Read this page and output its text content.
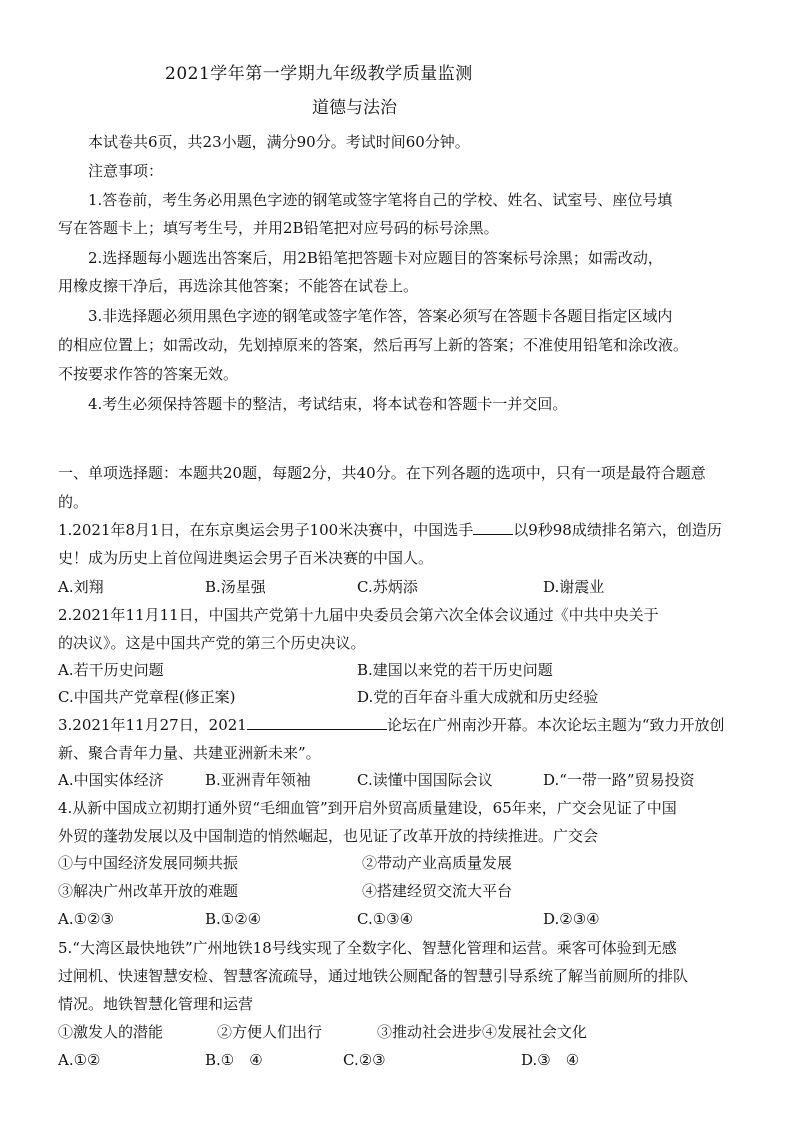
2021学年第一学期九年级教学质量监测
道德与法治
本试卷共6页，共23小题，满分90分。考试时间60分钟。
注意事项：
1.答卷前，考生务必用黑色字迹的钢笔或签字笔将自己的学校、姓名、试室号、座位号填
写在答题卡上；填写考生号，并用2B铅笔把对应号码的标号涂黑。
2.选择题每小题选出答案后，用2B铅笔把答题卡对应题目的答案标号涂黑；如需改动，
用橡皮擦干净后，再选涂其他答案；不能答在试卷上。
3.非选择题必须用黑色字迹的钢笔或签字笔作答，答案必须写在答题卡各题目指定区域内
的相应位置上；如需改动，先划掉原来的答案，然后再写上新的答案；不准使用铅笔和涂改液。
不按要求作答的答案无效。
4.考生必须保持答题卡的整洁，考试结束，将本试卷和答题卡一并交回。
一、单项选择题：本题共20题，每题2分，共40分。在下列各题的选项中，只有一项是最符合题意
的。
1.2021年8月1日，在东京奥运会男子100米决赛中，中国选手	以9秒98成绩排名第六，创造历
史！成为历史上首位闯进奥运会男子百米决赛的中国人。
A.刘翔	B.汤星强	C.苏炳添	D.谢震业
2.2021年11月11日，中国共产党第十九届中央委员会第六次全体会议通过《中共中央关于
的决议》。这是中国共产党的第三个历史决议。
A.若干历史问题	B.建国以来党的若干历史问题
C.中国共产党章程(修正案)	D.党的百年奋斗重大成就和历史经验
3.2021年11月27日，2021	论坛在广州南沙开幕。本次论坛主题为“致力开放创
新、聚合青年力量、共建亚洲新未来”。
A.中国实体经济	B.亚洲青年领袖	C.读懂中国国际会议	D.“一带一路”贸易投资
4.从新中国成立初期打通外贸“毛细血管”到开启外贸高质量建设，65年来，广交会见证了中国
外贸的蓬勃发展以及中国制造的悄然崛起，也见证了改革开放的持续推进。广交会
①与中国经济发展同频共振	②带动产业高质量发展
③解决广州改革开放的难题	④搭建经贸交流大平台
A.①②③	B.①②④	C.①③④	D.②③④
5.“大湾区最快地铁”广州地铁18号线实现了全数字化、智慧化管理和运营。乘客可体验到无感
过闸机、快速智慧安检、智慧客流疏导，通过地铁公厕配备的智慧引导系统了解当前厕所的排队
情况。地铁智慧化管理和运营
①激发人的潜能	②方便人们出行	③推动社会进步④发展社会文化
A.①②	B.①　④	C.②③	D.③　④
